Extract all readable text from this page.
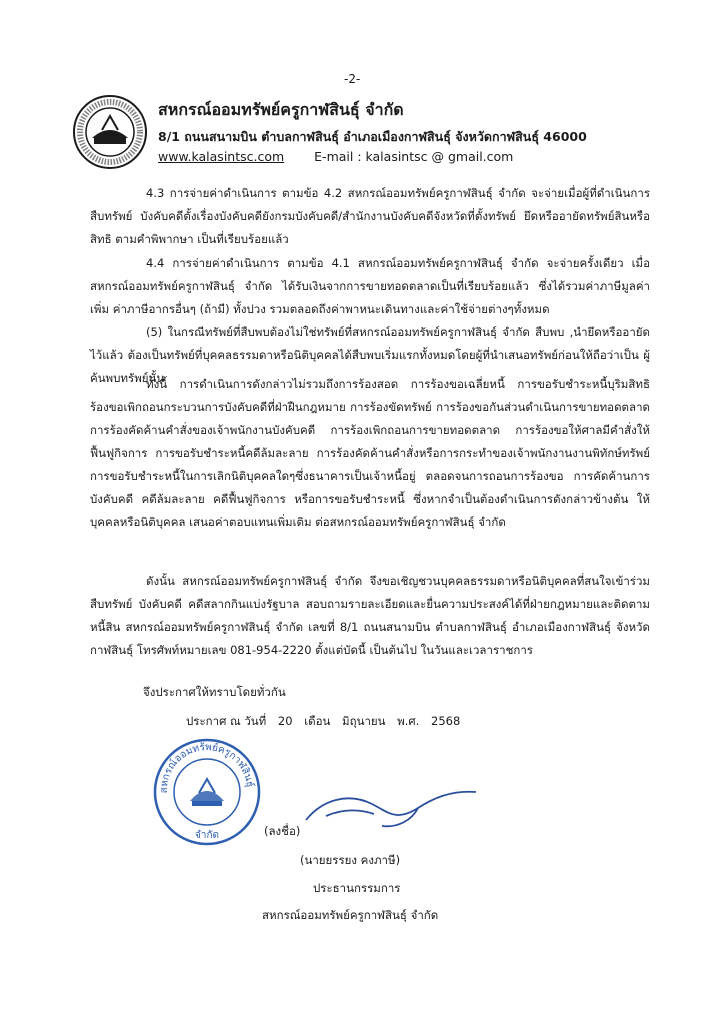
-2-
สหกรณ์ออมทรัพย์ครูกาฬสินธุ์ จำกัด
8/1 ถนนสนามบิน ตำบลกาฬสินธุ์ อำเภอเมืองกาฬสินธุ์ จังหวัดกาฬสินธุ์ 46000
www.kalasintsc.com E-mail : kalasintsc @ gmail.com
4.3 การจ่ายค่าดำเนินการ ตามข้อ 4.2 สหกรณ์ออมทรัพย์ครูกาฬสินธุ์ จำกัด จะจ่ายเมื่อผู้ที่ดำเนินการสืบทรัพย์ บังคับคดีตั้งเรื่องบังคับคดียังกรมบังคับคดี/สำนักงานบังคับคดีจังหวัดที่ตั้งทรัพย์ ยึดหรืออายัดทรัพย์สินหรือสิทธิ ตามคำพิพากษา เป็นที่เรียบร้อยแล้ว
4.4 การจ่ายค่าดำเนินการ ตามข้อ 4.1 สหกรณ์ออมทรัพย์ครูกาฬสินธุ์ จำกัด จะจ่ายครั้งเดียว เมื่อสหกรณ์ออมทรัพย์ครูกาฬสินธุ์ จำกัด ได้รับเงินจากการขายทอดตลาดเป็นที่เรียบร้อยแล้ว ซึ่งได้รวมค่าภาษีมูลค่าเพิ่ม ค่าภาษีอากรอื่นๆ (ถ้ามี) ทั้งปวง รวมตลอดถึงค่าพาหนะเดินทางและค่าใช้จ่ายต่างๆทั้งหมด
(5) ในกรณีทรัพย์ที่สืบพบต้องไม่ใช่ทรัพย์ที่สหกรณ์ออมทรัพย์ครูกาฬสินธุ์ จำกัด สืบพบ ,นำยึดหรืออายัดไว้แล้ว ต้องเป็นทรัพย์ที่บุคคลธรรมดาหรือนิติบุคคลได้สืบพบเริ่มแรกทั้งหมดโดยผู้ที่นำเสนอทรัพย์ก่อนให้ถือว่าเป็น ผู้ค้นพบทรัพย์นั้น
ทั้งนี้ การดำเนินการดังกล่าวไม่รวมถึงการร้องสอด การร้องขอเฉลี่ยหนี้ การขอรับชำระหนี้บุริมสิทธิ ร้องขอเพิกถอนกระบวนการบังคับคดีที่ฝ่าฝืนกฎหมาย การร้องขัดทรัพย์ การร้องขอกันส่วนดำเนินการขายทอดตลาด การร้องคัดค้านคำสั่งของเจ้าพนักงานบังคับคดี การร้องเพิกถอนการขายทอดตลาด การร้องขอให้ศาลมีคำสั่งให้ฟื้นฟูกิจการ การขอรับชำระหนี้คดีล้มละลาย การร้องคัดค้านคำสั่งหรือการกระทำของเจ้าพนักงานงานพิทักษ์ทรัพย์ การขอรับชำระหนี้ในการเลิกนิติบุคคลใดๆซึ่งธนาคารเป็นเจ้าหนี้อยู่ ตลอดจนการถอนการร้องขอ การคัดค้านการบังคับคดี คดีล้มละลาย คดีฟื้นฟูกิจการ หรือการขอรับชำระหนี้ ซึ่งหากจำเป็นต้องดำเนินการดังกล่าวข้างต้น ให้บุคคลหรือนิติบุคคล เสนอค่าตอบแทนเพิ่มเติม ต่อสหกรณ์ออมทรัพย์ครูกาฬสินธุ์ จำกัด
ดังนั้น สหกรณ์ออมทรัพย์ครูกาฬสินธุ์ จำกัด จึงขอเชิญชวนบุคคลธรรมดาหรือนิติบุคคลที่สนใจเข้าร่วม สืบทรัพย์ บังคับคดี คดีสลากกินแบ่งรัฐบาล สอบถามรายละเอียดและยื่นความประสงค์ได้ที่ฝ่ายกฎหมายและติดตามหนี้สิน สหกรณ์ออมทรัพย์ครูกาฬสินธุ์ จำกัด เลขที่ 8/1 ถนนสนามบิน ตำบลกาฬสินธุ์ อำเภอเมืองกาฬสินธุ์ จังหวัดกาฬสินธุ์ โทรศัพท์หมายเลข 081-954-2220 ตั้งแต่บัดนี้ เป็นต้นไป ในวันและเวลาราชการ
จึงประกาศให้ทราบโดยทั่วกัน
ประกาศ ณ วันที่ 20 เดือน มิถุนายน พ.ศ. 2568
สหกรณ์ออมทรัพย์ครูกาฬสินธุ์
จำกัด	(ลงชื่อ)
(นายยรรยง คงภาษี)
ประธานกรรมการ
สหกรณ์ออมทรัพย์ครูกาฬสินธุ์ จำกัด
